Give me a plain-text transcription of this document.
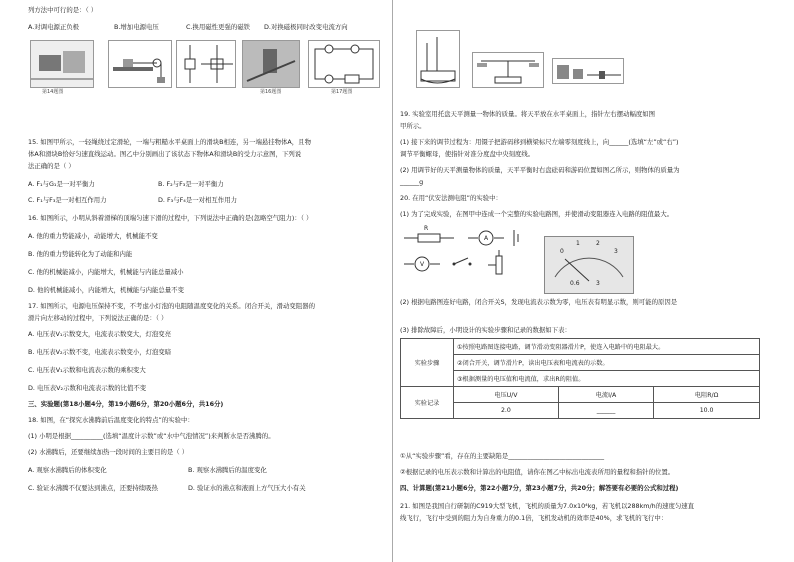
列方法中可行的是：（ ）
A.对调电源正负极	B.增加电源电压	C.换用磁性更强的磁铁 D.对换磁极同时改变电流方向
第14题图	第16题图	第17题图
15. 如图甲所示，一轻绳绕过定滑轮，一端与粗糙水平桌面上的滑块B相连，另一端悬挂物体A，且物
体A和滑块B恰好匀速直线运动。图乙中分别画出了该状态下物体A和滑块B的受力示意图，下列说
法正确的是（ ）
A. F₁与G₁是一对平衡力	B. F₂与F₃是一对平衡力
C. F₁与F₃是一对相互作用力	D. F₃与F₄是一对相互作用力
16. 如图所示，小明从斜着滑梯的顶端匀速下滑的过程中，下列说法中正确的是(忽略空气阻力)：（ ）
A. 他的重力势能减小，动能增大，机械能不变
B. 他的重力势能转化为了动能和内能
C. 他的机械能减小，内能增大，机械能与内能总量减小
D. 他的机械能减小，内能增大，机械能与内能总量不变
17. 如图所示，电源电压保持不变，不考虑小灯泡的电阻随温度变化的关系。闭合开关，滑动变阻器的
滑片向左移动的过程中，下列说法正确的是：（ ）
A. 电压表V₁示数变大，电流表示数变大，灯泡变亮
B. 电压表V₂示数不变，电流表示数变小，灯泡变暗
C. 电压表V₁示数和电流表示数的乘积变大
D. 电压表V₂示数和电流表示数的比值不变
三、实验题(第18小题4分，第19小题6分，第20小题6分，共16分)
18. 如图，在“探究水沸腾前后温度变化的特点”的实验中：
(1) 小明是根据__________(选填“温度计示数”或“水中气泡情况”)来判断水是否沸腾的。
(2) 水沸腾后，还要继续加热一段时间的主要目的是（ ）
A. 观察水沸腾后的体积变化	B. 观察水沸腾后的温度变化
C. 验证水沸腾不仅要达到沸点，还要持续吸热	D. 验证水的沸点和液面上方气压大小有关
19. 实验室用托盘天平测量一物体的质量。将天平放在水平桌面上，指针左右摆动幅度如图
甲所示。
(1) 接下来的调节过程为：用镊子把游码移到横梁标尺左端零刻度线上，向______(选填“左”或“右”)
调节平衡螺母，使指针对准分度盘中央刻度线。
(2) 用调节好的天平测量物体的质量，天平平衡时右盘砝码和游码位置如图乙所示，则物体的质量为
______g
20. 在用“伏安法测电阻”的实验中：
(1) 为了完成实验，在图甲中连成一个完整的实验电路图，并使滑动变阻器连入电路的阻值最大。
R
A
V
0
1	2
3
0.6	3
(2) 根据电路图连好电路，闭合开关S，发现电流表示数为零，电压表有明显示数，则可能的原因是
(3) 排除故障后，小明设计的实验步骤和记录的数据如下表：
实验步骤	①按照电路图连接电路，调节滑动变阻器滑片P，使连入电路中的电阻最大。		
	②闭合开关，调节滑片P，读出电压表和电流表的示数。		
	③根据测量的电压值和电流值，求出R的阻值。		
实验记录	电压U/V	电流I/A	电阻R/Ω
	2.0	______	10.0
①从“实验步骤”看，存在的主要缺陷是______________________________
②根据记录的电压表示数和计算出的电阻值，请你在图乙中标出电流表所用的量程和指针的位置。
四、计算题(第21小题6分，第22小题7分，第23小题7分，共20分；解答要有必要的公式和过程)
21. 如图是我国自行研制的C919大型飞机，飞机的质量为7.0x10⁴kg，若飞机以288km/h的速度匀速直
线飞行，飞行中受到的阻力为自身重力的0.1倍，飞机发动机的效率是40%，求飞机的飞行中：
